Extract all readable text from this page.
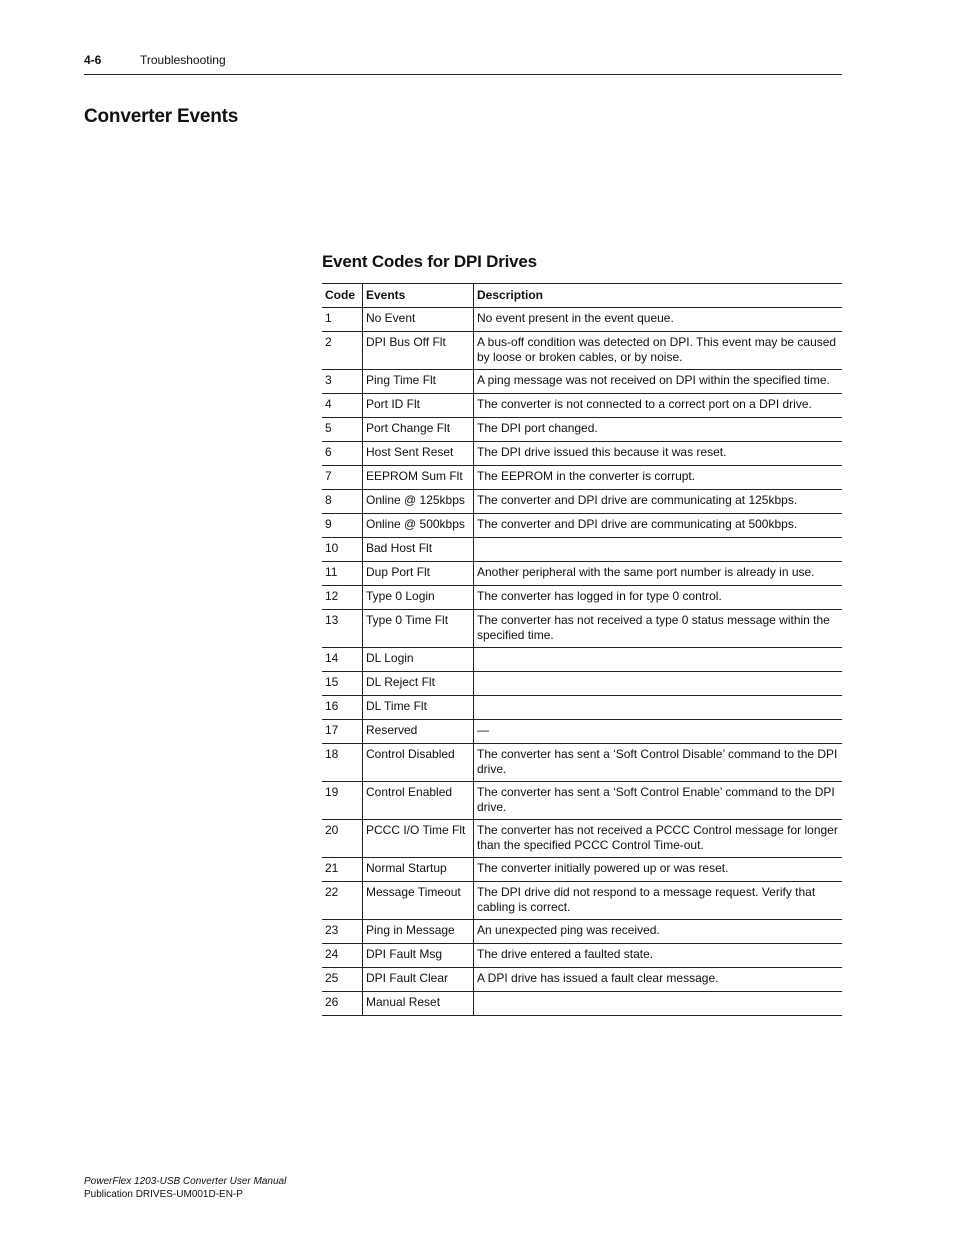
4-6	Troubleshooting
Converter Events
Event Codes for DPI Drives
Code	Events	Description
1	No Event	No event present in the event queue.
2	DPI Bus Off Flt	A bus-off condition was detected on DPI. This event may be caused by loose or broken cables, or by noise.
3	Ping Time Flt	A ping message was not received on DPI within the specified time.
4	Port ID Flt	The converter is not connected to a correct port on a DPI drive.
5	Port Change Flt	The DPI port changed.
6	Host Sent Reset	The DPI drive issued this because it was reset.
7	EEPROM Sum Flt	The EEPROM in the converter is corrupt.
8	Online @ 125kbps	The converter and DPI drive are communicating at 125kbps.
9	Online @ 500kbps	The converter and DPI drive are communicating at 500kbps.
10	Bad Host Flt	
11	Dup Port Flt	Another peripheral with the same port number is already in use.
12	Type 0 Login	The converter has logged in for type 0 control.
13	Type 0 Time Flt	The converter has not received a type 0 status message within the specified time.
14	DL Login	
15	DL Reject Flt	
16	DL Time Flt	
17	Reserved	—
18	Control Disabled	The converter has sent a ‘Soft Control Disable’ command to the DPI drive.
19	Control Enabled	The converter has sent a ‘Soft Control Enable’ command to the DPI drive.
20	PCCC I/O Time Flt	The converter has not received a PCCC Control message for longer than the specified PCCC Control Time-out.
21	Normal Startup	The converter initially powered up or was reset.
22	Message Timeout	The DPI drive did not respond to a message request. Verify that cabling is correct.
23	Ping in Message	An unexpected ping was received.
24	DPI Fault Msg	The drive entered a faulted state.
25	DPI Fault Clear	A DPI drive has issued a fault clear message.
26	Manual Reset	
PowerFlex 1203-USB Converter User Manual
Publication DRIVES-UM001D-EN-P
